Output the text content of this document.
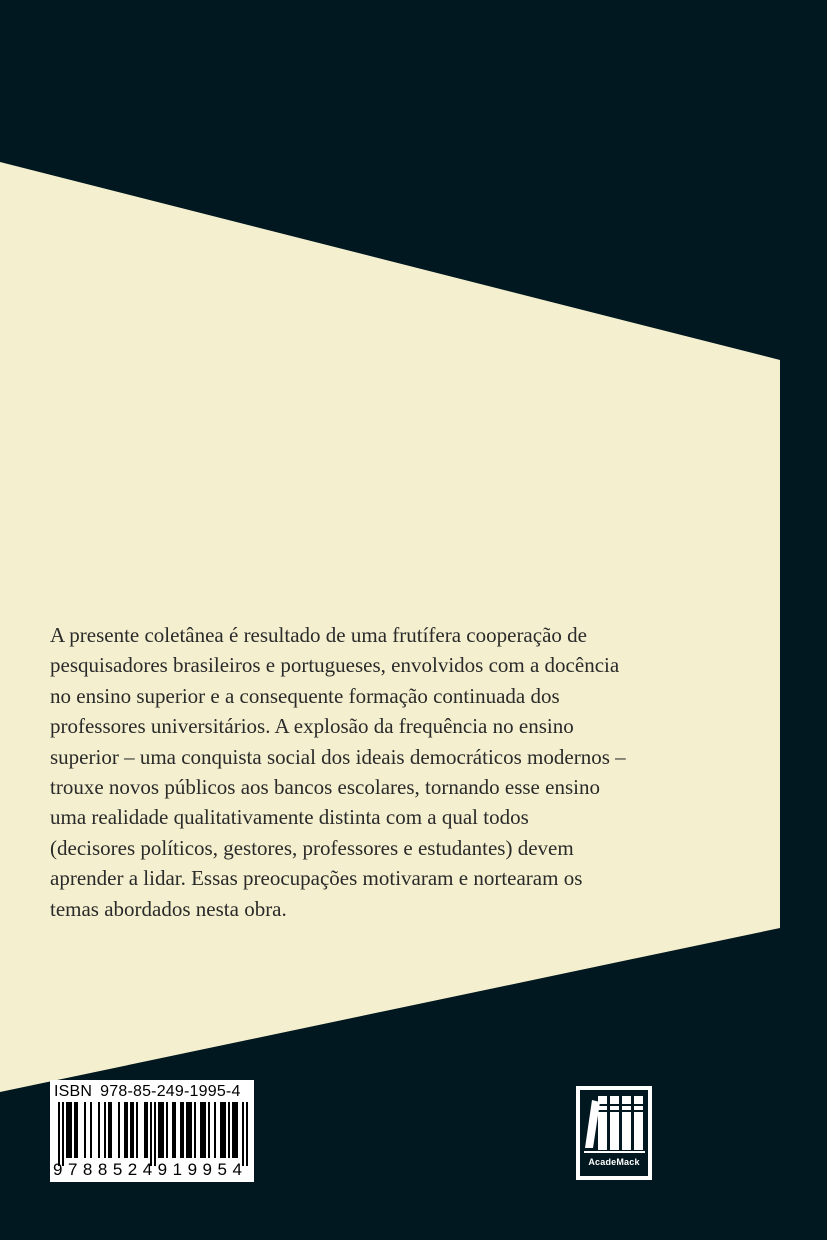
A presente coletânea é resultado de uma frutífera cooperação de
pesquisadores brasileiros e portugueses, envolvidos com a docência
no ensino superior e a consequente formação continuada dos
professores universitários. A explosão da frequência no ensino
superior – uma conquista social dos ideais democráticos modernos –
trouxe novos públicos aos bancos escolares, tornando esse ensino
uma realidade qualitativamente distinta com a qual todos
(decisores políticos, gestores, professores e estudantes) devem
aprender a lidar. Essas preocupações motivaram e nortearam os
temas abordados nesta obra.

ISBN 978-85-249-1995-4
9788524919954	AcadeMack
